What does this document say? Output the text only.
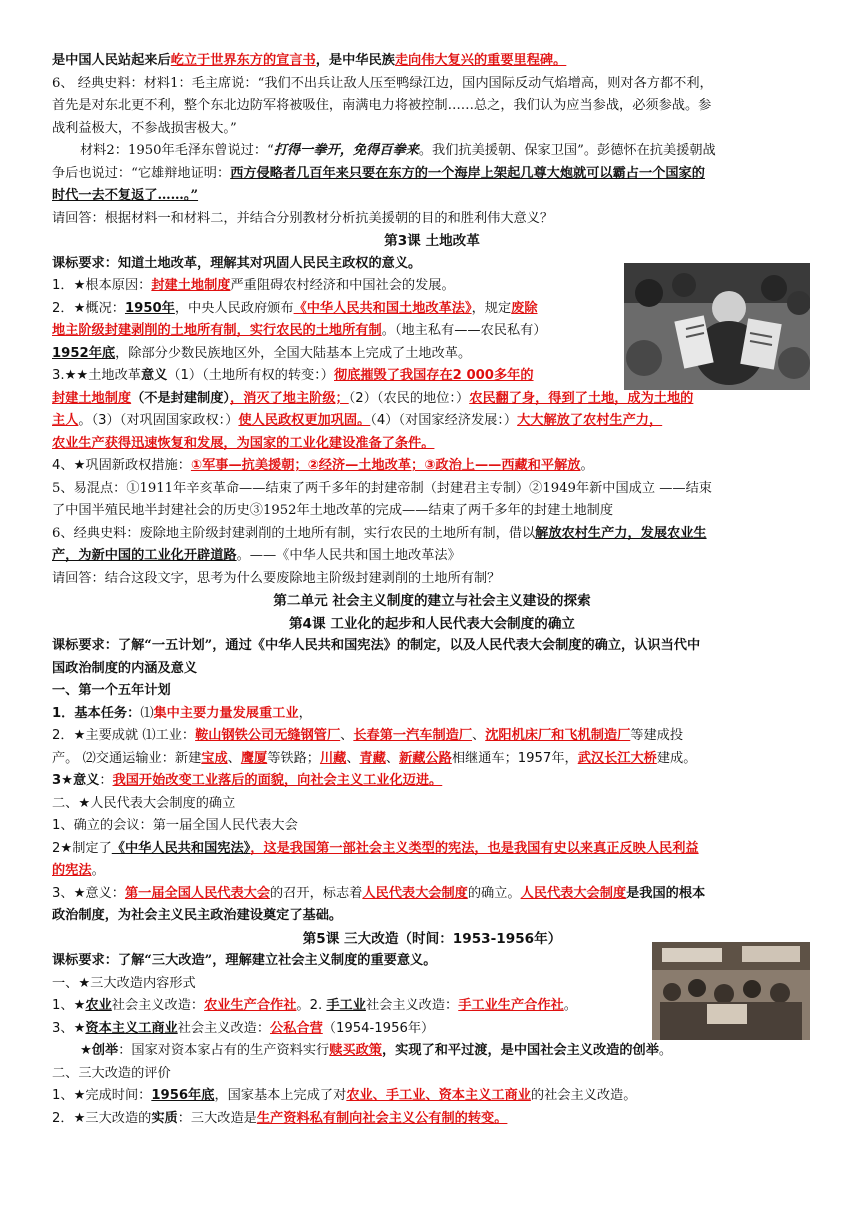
是中国人民站起来后屹立于世界东方的宣言书，是中华民族走向伟大复兴的重要里程碑。
6、 经典史料：材料1：毛主席说：“我们不出兵让敌人压至鸭绿江边，国内国际反动气焰增高，则对各方都不利，
首先是对东北更不利，整个东北边防军将被吸住，南满电力将被控制……总之，我们认为应当参战，必须参战。参
战利益极大，不参战损害极大。”
材料2：1950年毛泽东曾说过：“打得一拳开，免得百拳来。我们抗美援朝、保家卫国”。彭德怀在抗美援朝战
争后也说过：“它雄辩地证明：西方侵略者几百年来只要在东方的一个海岸上架起几尊大炮就可以霸占一个国家的
时代一去不复返了……。”
请回答：根据材料一和材料二，并结合分别教材分析抗美援朝的目的和胜利伟大意义？
第3课 土地改革
课标要求：知道土地改革，理解其对巩固人民民主政权的意义。
1．★根本原因：封建土地制度严重阻碍农村经济和中国社会的发展。
2．★概况：1950年，中央人民政府颁布《中华人民共和国土地改革法》，规定废除
地主阶级封建剥削的土地所有制，实行农民的土地所有制。（地主私有——农民私有）
1952年底，除部分少数民族地区外，全国大陆基本上完成了土地改革。
3.★★土地改革意义（1）（土地所有权的转变：）彻底摧毁了我国存在2 000多年的
封建土地制度（不是封建制度），消灭了地主阶级；（2）（农民的地位：）农民翻了身，得到了土地，成为土地的
主人。（3）（对巩固国家政权：）使人民政权更加巩固。（4）（对国家经济发展：）大大解放了农村生产力，
农业生产获得迅速恢复和发展，为国家的工业化建设准备了条件。
4、★巩固新政权措施：①军事—抗美援朝；②经济—土地改革；③政治上——西藏和平解放。
5、易混点：①1911年辛亥革命——结束了两千多年的封建帝制（封建君主专制）②1949年新中国成立 ——结束
了中国半殖民地半封建社会的历史③1952年土地改革的完成——结束了两千多年的封建土地制度
6、经典史料：废除地主阶级封建剥削的土地所有制，实行农民的土地所有制，借以解放农村生产力，发展农业生
产，为新中国的工业化开辟道路。——《中华人民共和国土地改革法》
请回答：结合这段文字，思考为什么要废除地主阶级封建剥削的土地所有制？
第二单元 社会主义制度的建立与社会主义建设的探索
第4课 工业化的起步和人民代表大会制度的确立
课标要求：了解“一五计划”，通过《中华人民共和国宪法》的制定，以及人民代表大会制度的确立，认识当代中
国政治制度的内涵及意义
一、第一个五年计划
1．基本任务：⑴集中主要力量发展重工业，
2．★主要成就 ⑴工业：鞍山钢铁公司无缝钢管厂、长春第一汽车制造厂、沈阳机床厂和飞机制造厂等建成投
产。 ⑵交通运输业：新建宝成、鹰厦等铁路；川藏、青藏、新藏公路相继通车；1957年，武汉长江大桥建成。
3★意义：我国开始改变工业落后的面貌，向社会主义工业化迈进。
二、★人民代表大会制度的确立
1、确立的会议：第一届全国人民代表大会
2★制定了《中华人民共和国宪法》，这是我国第一部社会主义类型的宪法，也是我国有史以来真正反映人民利益
的宪法。
3、★意义：第一届全国人民代表大会的召开，标志着人民代表大会制度的确立。人民代表大会制度是我国的根本
政治制度，为社会主义民主政治建设奠定了基础。
第5课 三大改造（时间：1953-1956年）
课标要求：了解“三大改造”，理解建立社会主义制度的重要意义。
一、★三大改造内容形式
1、★农业社会主义改造：农业生产合作社。2. 手工业社会主义改造：手工业生产合作社。
3、★资本主义工商业社会主义改造：公私合营（1954-1956年）
★创举：国家对资本家占有的生产资料实行赎买政策，实现了和平过渡，是中国社会主义改造的创举。
二、三大改造的评价
1、★完成时间：1956年底，国家基本上完成了对农业、手工业、资本主义工商业的社会主义改造。
2．★三大改造的实质：三大改造是生产资料私有制向社会主义公有制的转变。
